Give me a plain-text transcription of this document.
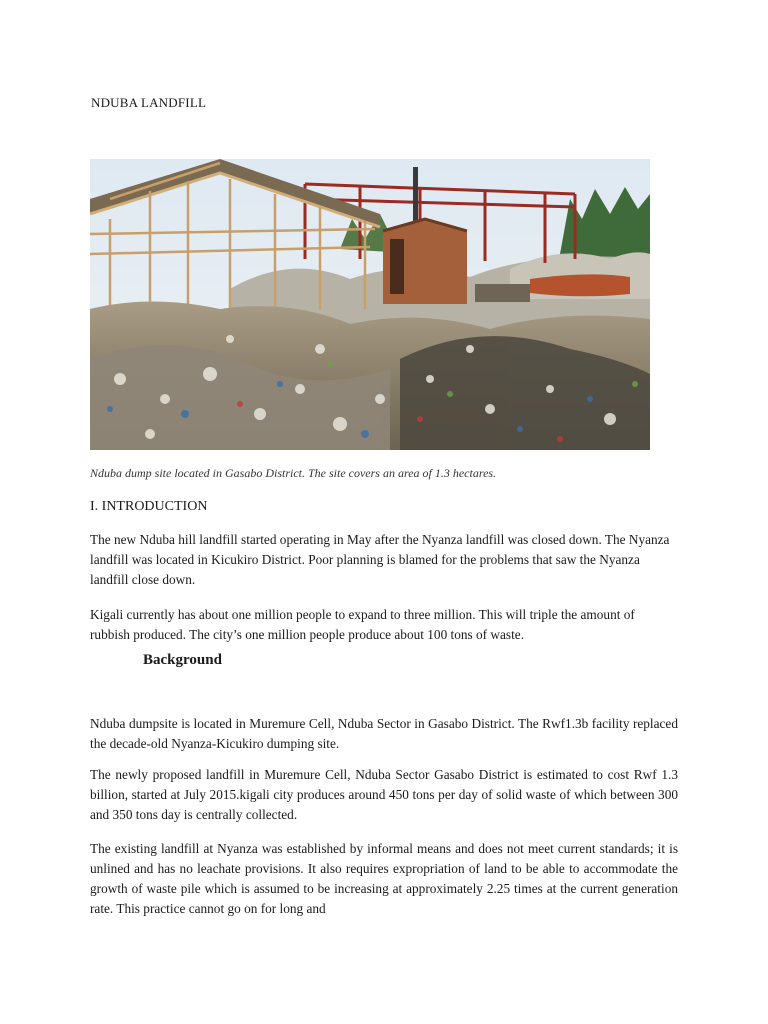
NDUBA LANDFILL
Nduba dump site located in Gasabo District. The site covers an area of 1.3 hectares.
I. INTRODUCTION

The new Nduba hill landfill started operating in May after the Nyanza landfill was closed down. The Nyanza landfill was located in Kicukiro District. Poor planning is blamed for the problems that saw the Nyanza landfill close down.

Kigali currently has about one million people to expand to three million. This will triple the amount of rubbish produced. The city’s one million people produce about 100 tons of waste.

Background

Nduba dumpsite is located in Muremure Cell, Nduba Sector in Gasabo District. The Rwf1.3b facility replaced the decade-old Nyanza-Kicukiro dumping site.

The newly proposed landfill in Muremure Cell, Nduba Sector Gasabo District is estimated to cost Rwf 1.3 billion, started at July 2015.kigali city produces around 450 tons per day of solid waste of which between 300 and 350 tons day is centrally collected.

The existing landfill at Nyanza was established by informal means and does not meet current standards; it is unlined and has no leachate provisions. It also requires expropriation of land to be able to accommodate the growth of waste pile which is assumed to be increasing at approximately 2.25 times at the current generation rate. This practice cannot go on for long and
